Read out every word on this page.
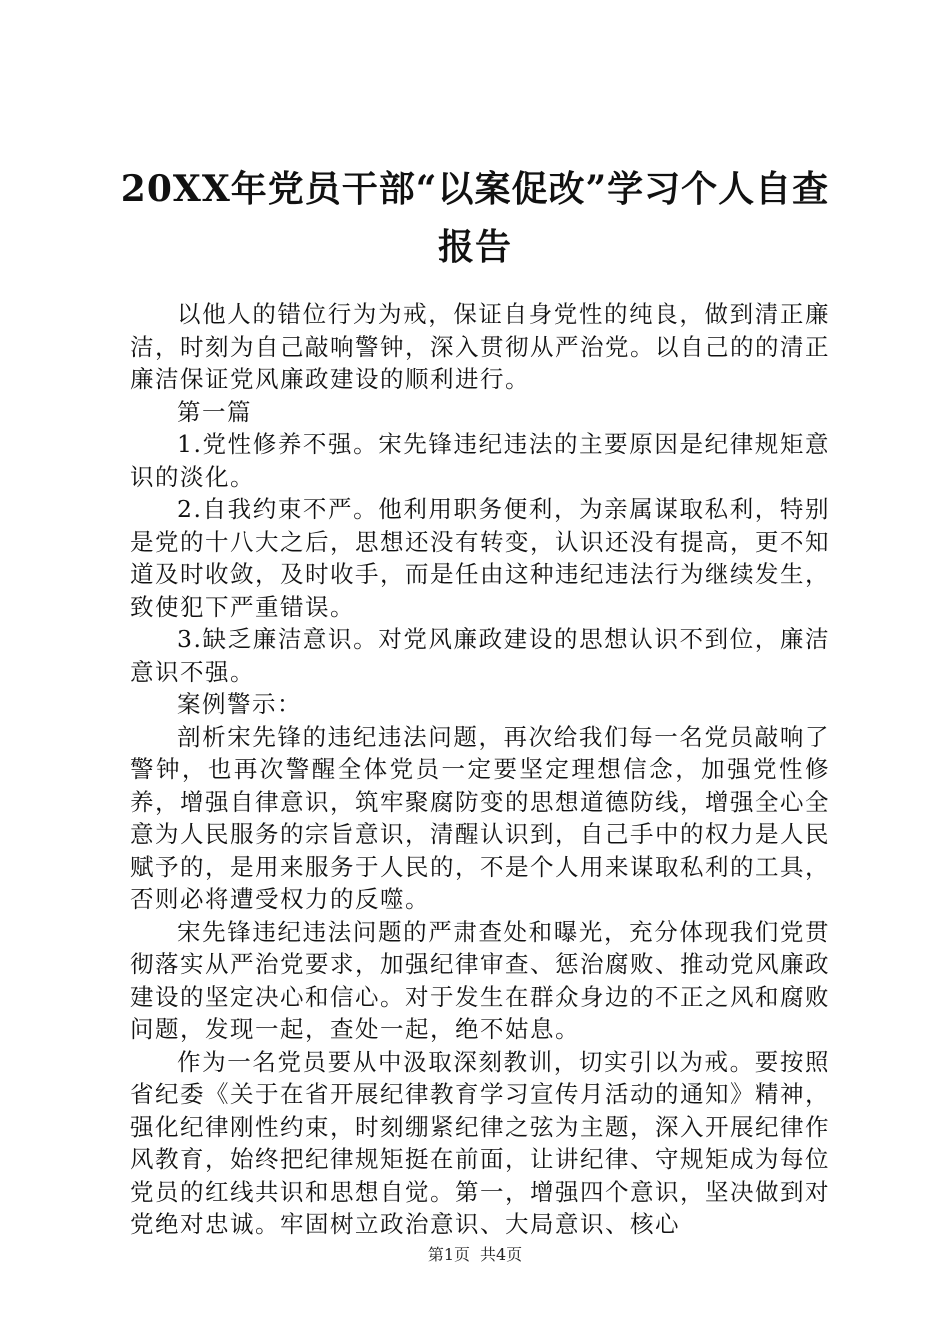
20XX年党员干部“以案促改”学习个人自查
报告

以他人的错位行为为戒，保证自身党性的纯良，做到清正廉洁，时刻为自己敲响警钟，深入贯彻从严治党。以自己的的清正廉洁保证党风廉政建设的顺利进行。

第一篇

1.党性修养不强。宋先锋违纪违法的主要原因是纪律规矩意识的淡化。

2.自我约束不严。他利用职务便利，为亲属谋取私利，特别是党的十八大之后，思想还没有转变，认识还没有提高，更不知道及时收敛，及时收手，而是任由这种违纪违法行为继续发生，致使犯下严重错误。

3.缺乏廉洁意识。对党风廉政建设的思想认识不到位，廉洁意识不强。

案例警示：

剖析宋先锋的违纪违法问题，再次给我们每一名党员敲响了警钟，也再次警醒全体党员一定要坚定理想信念，加强党性修养，增强自律意识，筑牢聚腐防变的思想道德防线，增强全心全意为人民服务的宗旨意识，清醒认识到，自己手中的权力是人民赋予的，是用来服务于人民的，不是个人用来谋取私利的工具，否则必将遭受权力的反噬。

宋先锋违纪违法问题的严肃查处和曝光，充分体现我们党贯彻落实从严治党要求，加强纪律审查、惩治腐败、推动党风廉政建设的坚定决心和信心。对于发生在群众身边的不正之风和腐败问题，发现一起，查处一起，绝不姑息。

作为一名党员要从中汲取深刻教训，切实引以为戒。要按照省纪委《关于在省开展纪律教育学习宣传月活动的通知》精神，强化纪律刚性约束，时刻绷紧纪律之弦为主题，深入开展纪律作风教育，始终把纪律规矩挺在前面，让讲纪律、守规矩成为每位党员的红线共识和思想自觉。第一，增强四个意识，坚决做到对党绝对忠诚。牢固树立政治意识、大局意识、核心

第1页 共4页
